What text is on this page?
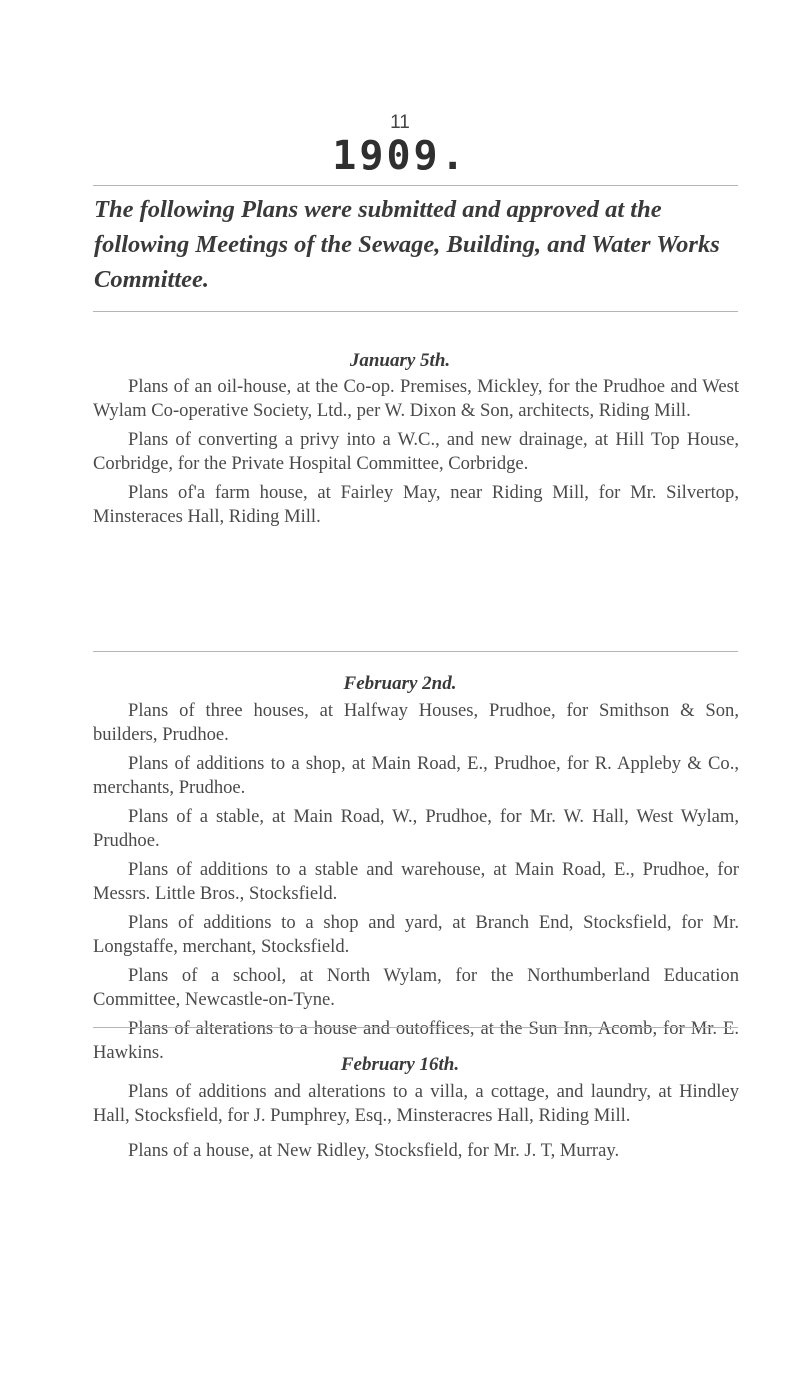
11
1909.
The following Plans were submitted and approved at the following Meetings of the Sewage, Building, and Water Works Committee.
January 5th.

Plans of an oil-house, at the Co-op. Premises, Mickley, for the Prudhoe and West Wylam Co-operative Society, Ltd., per W. Dixon & Son, architects, Riding Mill.

Plans of converting a privy into a W.C., and new drainage, at Hill Top House, Corbridge, for the Private Hospital Committee, Corbridge.

Plans of'a farm house, at Fairley May, near Riding Mill, for Mr. Silvertop, Minsteraces Hall, Riding Mill.

February 2nd.

Plans of three houses, at Halfway Houses, Prudhoe, for Smithson & Son, builders, Prudhoe.

Plans of additions to a shop, at Main Road, E., Prudhoe, for R. Appleby & Co., merchants, Prudhoe.

Plans of a stable, at Main Road, W., Prudhoe, for Mr. W. Hall, West Wylam, Prudhoe.

Plans of additions to a stable and warehouse, at Main Road, E., Prudhoe, for Messrs. Little Bros., Stocksfield.

Plans of additions to a shop and yard, at Branch End, Stocksfield, for Mr. Longstaffe, merchant, Stocksfield.

Plans of a school, at North Wylam, for the Northumberland Education Committee, Newcastle-on-Tyne.

Plans of alterations to a house and outoffices, at the Sun Inn, Acomb, for Mr. E. Hawkins.

February 16th.

Plans of additions and alterations to a villa, a cottage, and laundry, at Hindley Hall, Stocksfield, for J. Pumphrey, Esq., Minsteracres Hall, Riding Mill.

Plans of a house, at New Ridley, Stocksfield, for Mr. J. T, Murray.
